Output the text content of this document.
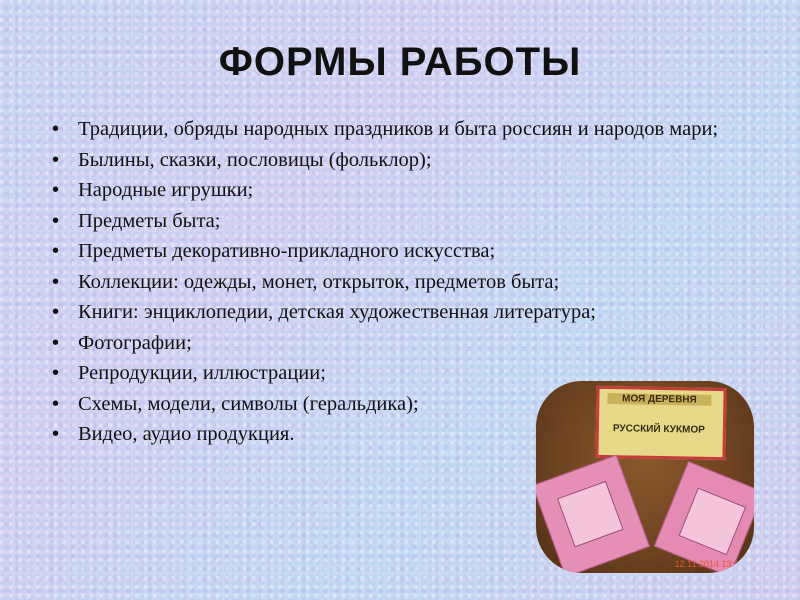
ФОРМЫ РАБОТЫ
• Традиции, обряды народных праздников и быта россиян и народов мари;
• Былины, сказки, пословицы (фольклор);
• Народные игрушки;
• Предметы быта;
• Предметы декоративно-прикладного искусства;
• Коллекции: одежды, монет, открыток, предметов быта;
• Книги: энциклопедии, детская художественная литература;
• Фотографии;
• Репродукции, иллюстрации;
• Схемы, модели, символы (геральдика);
• Видео, аудио продукция.
МОЯ ДЕРЕВНЯ
РУССКИЙ КУКМОР
12.11.2014 13:19
